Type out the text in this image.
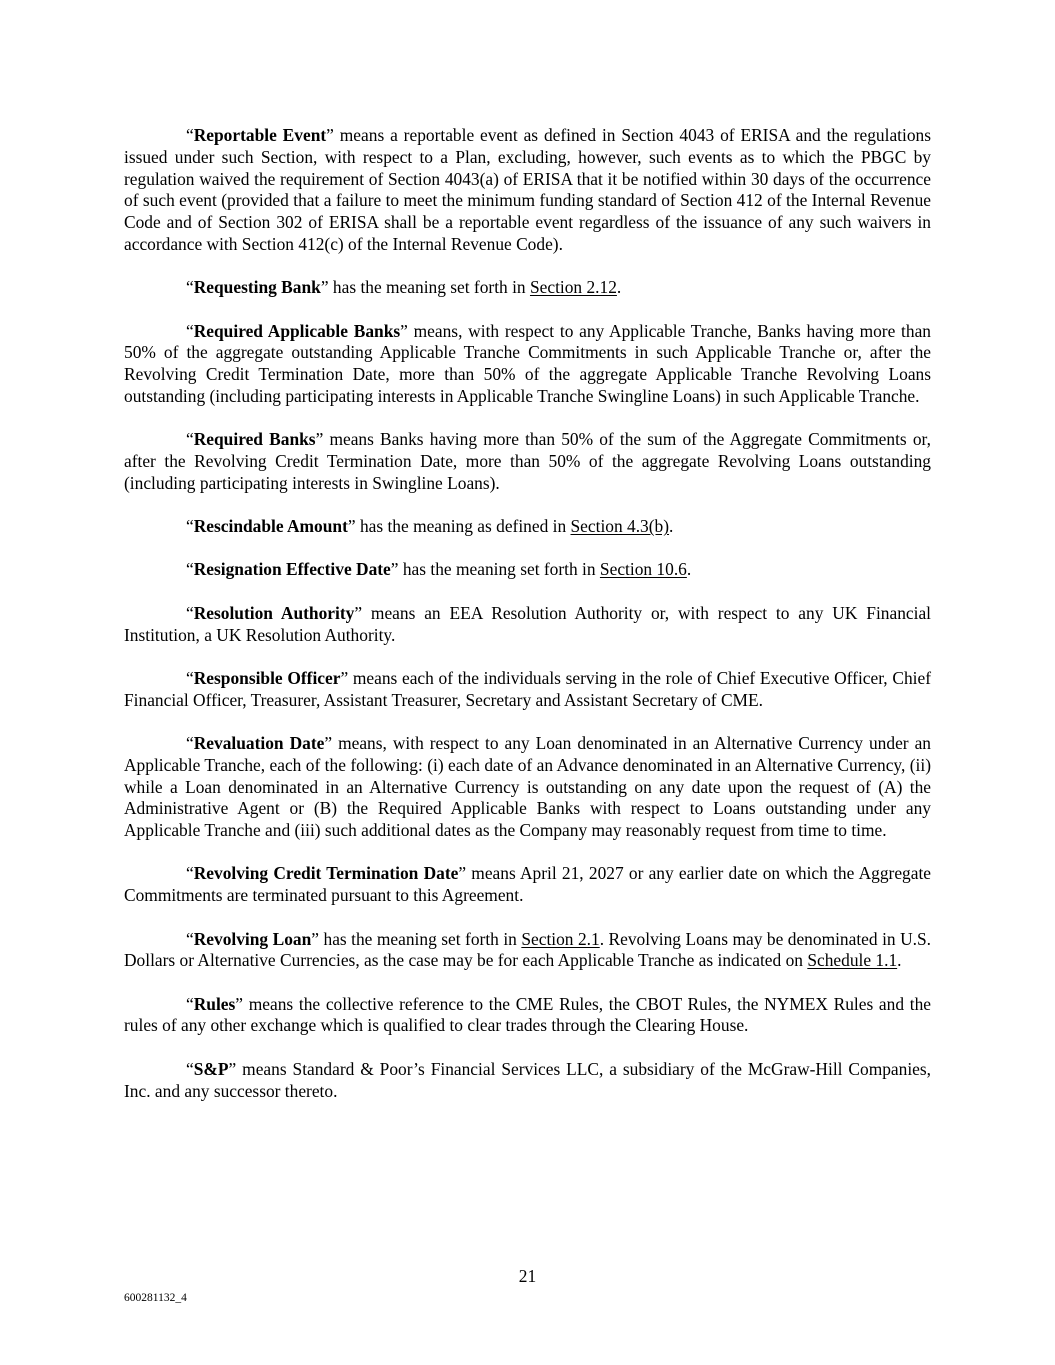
“Reportable Event” means a reportable event as defined in Section 4043 of ERISA and the regulations issued under such Section, with respect to a Plan, excluding, however, such events as to which the PBGC by regulation waived the requirement of Section 4043(a) of ERISA that it be notified within 30 days of the occurrence of such event (provided that a failure to meet the minimum funding standard of Section 412 of the Internal Revenue Code and of Section 302 of ERISA shall be a reportable event regardless of the issuance of any such waivers in accordance with Section 412(c) of the Internal Revenue Code).

“Requesting Bank” has the meaning set forth in Section 2.12.

“Required Applicable Banks” means, with respect to any Applicable Tranche, Banks having more than 50% of the aggregate outstanding Applicable Tranche Commitments in such Applicable Tranche or, after the Revolving Credit Termination Date, more than 50% of the aggregate Applicable Tranche Revolving Loans outstanding (including participating interests in Applicable Tranche Swingline Loans) in such Applicable Tranche.

“Required Banks” means Banks having more than 50% of the sum of the Aggregate Commitments or, after the Revolving Credit Termination Date, more than 50% of the aggregate Revolving Loans outstanding (including participating interests in Swingline Loans).

“Rescindable Amount” has the meaning as defined in Section 4.3(b).

“Resignation Effective Date” has the meaning set forth in Section 10.6.

“Resolution Authority” means an EEA Resolution Authority or, with respect to any UK Financial Institution, a UK Resolution Authority.

“Responsible Officer” means each of the individuals serving in the role of Chief Executive Officer, Chief Financial Officer, Treasurer, Assistant Treasurer, Secretary and Assistant Secretary of CME.

“Revaluation Date” means, with respect to any Loan denominated in an Alternative Currency under an Applicable Tranche, each of the following: (i) each date of an Advance denominated in an Alternative Currency, (ii) while a Loan denominated in an Alternative Currency is outstanding on any date upon the request of (A) the Administrative Agent or (B) the Required Applicable Banks with respect to Loans outstanding under any Applicable Tranche and (iii) such additional dates as the Company may reasonably request from time to time.

“Revolving Credit Termination Date” means April 21, 2027 or any earlier date on which the Aggregate Commitments are terminated pursuant to this Agreement.

“Revolving Loan” has the meaning set forth in Section 2.1. Revolving Loans may be denominated in U.S. Dollars or Alternative Currencies, as the case may be for each Applicable Tranche as indicated on Schedule 1.1.

“Rules” means the collective reference to the CME Rules, the CBOT Rules, the NYMEX Rules and the rules of any other exchange which is qualified to clear trades through the Clearing House.

“S&P” means Standard & Poor’s Financial Services LLC, a subsidiary of the McGraw-Hill Companies, Inc. and any successor thereto.

21
600281132_4
